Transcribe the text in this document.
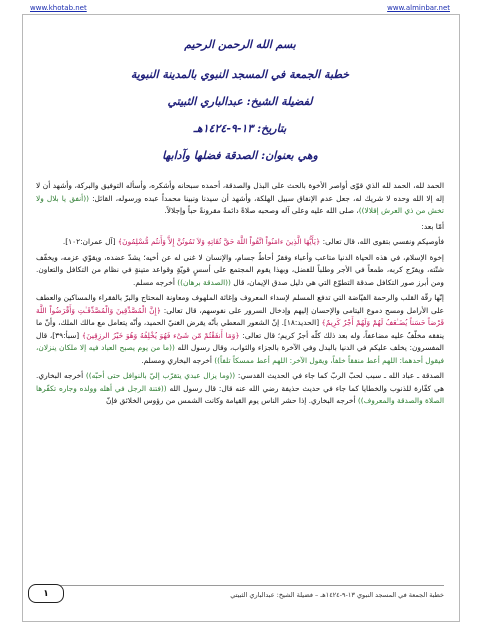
www.khotab.net	www.alminbar.net
بسم الله الرحمن الرحيم
خطبة الجمعة في المسجد النبوي بالمدينة النبوية
لفضيلة الشيخ: عبدالباري الثبيتي
بتاريخ: ١٣-٩-١٤٢٤هـ
وهي بعنوان: الصدقة فضلها وآدابها

الحمد لله، الحمد لله الذي قوّى أواصر الأخوة بالحث على البذل والصدقة، أحمده سبحانه وأشكره، وأسأله التوفيق والبركة، وأشهد أن لا إله إلا الله وحده لا شريك له، جعل عدم الإنفاق سبيل الهلكة، وأشهد أن سيدنا ونبينا محمداً عبده ورسوله، القائل: ((أنفق يا بلال ولا تخش من ذي العرش إقلالا))، صلى الله عليه وعلى آله وصحبه صلاةً دائمةً مقرونةً حباً وإجلالاً.

أمّا بعد:

فأوصيكم ونفسي بتقوى الله، قال تعالى: ﴿يَأَيُّهَا الَّذِينَ ءامَنُواْ اتَّقُواْ اللَّهَ حَقَّ تُقَاتِهِ وَلاَ تَمُوتُنَّ إِلاَّ وَأَنتُم مُّسْلِمُونَ﴾ [آل عمران:١٠٢].

إخوة الإسلام، في هذه الحياة الدنيا متاعب وأعباء وفقرٌ أحاطٌ جسام، والإنسان لا غنى له عن أخيه؛ يشدّ عضده، ويقوّي عزمه، ويخفّف شتّته، ويفرّج كربه، طمعاً في الأجر وطلباً للفضل، وبهذا يقوم المجتمع على أسسٍ قويّةٍ وقواعد متينةٍ في نظام من التكافل والتعاون. ومن أبرز صور التكافل صدقة التطوّع التي هي دليل صدق الإيمان، قال ((الصدقة برهان)) أخرجه مسلم.

إنّها رقّة القلب والرحمة الفيّاضة التي تدفع المسلم لإسداء المعروف وإغاثة الملهوف ومعاونة المحتاج والبرّ بالفقراء والمساكين والعطف على الأرامل ومسح دموع اليتامى والإحسان إليهم وإدخال السرور على نفوسهم، قال تعالى: ﴿إِنَّ الْمُصَّدِّقِينَ وَالْمُصَّدِّقَـٰتِ وَأَقْرَضُواْ اللَّهَ قَرْضاً حَسَناً يُضَـٰعَفُ لَهُمْ وَلَهُمْ أَجْرٌ كَرِيمٌ﴾ [الحديد:١٨]. إنّ الشعور المعطي بأنّه يقرض الغنيّ الحميد، وأنّه يتعامل مع مالك الملك، وأنّ ما ينفقه مخلّفٌ عليه مضاعفاً، وله بعد ذلك كلّه أجرٌ كريم؛ قال تعالى: ﴿وَمَا أَنفَقْتُمْ مّن شَىْء فَهُوَ يُخْلِفُهُ وَهُوَ خَيْرُ الرزِقِينَ﴾ [سبأ:٣٩]، قال المفسرون: يخلف عليكم في الدنيا بالبدل وفي الآخرة بالجزاء والثواب، وقال رسول الله ((ما من يوم يصبح العباد فيه إلا ملكان ينزلان، فيقول أحدهما: اللهم أعط منفقاً خلفاً، ويقول الآخر: اللهم أعط ممسكاً تلفاً)) أخرجه البخاري ومسلم.

الصدقة ـ عباد الله ـ سبب لحبّ الربّ كما جاء في الحديث القدسي: ((وما يزال عبدي يتقرّب إليّ بالنوافل حتى أحبّه)) أخرجه البخاري. هي كفّارة للذنوب والخطايا كما جاء في حديث حذيفة رضي الله عنه قال: قال رسول الله ((فتنة الرجل في أهله وولده وجاره تكفّرها الصلاة والصدقة والمعروف)) أخرجه البخاري. إذا حشر الناس يوم القيامة وكانت الشمس من رؤوس الخلائق فإنّ

خطبة الجمعة في المسجد النبوي ١٣-٩-١٤٢٤هـ – فضيلة الشيخ: عبدالباري الثبيتي
١
